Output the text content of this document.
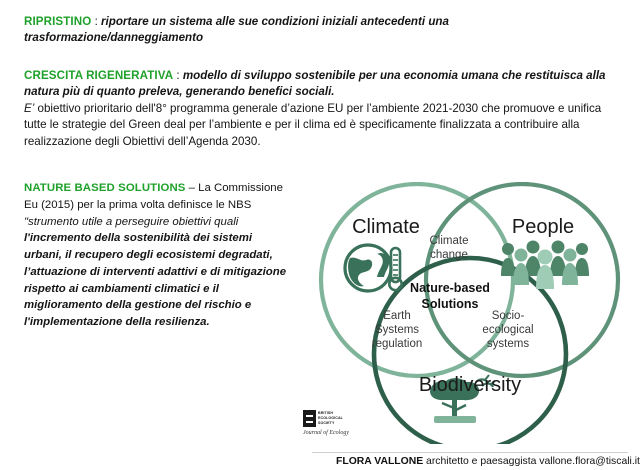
RIPRISTINO : riportare un sistema alle sue condizioni iniziali antecedenti una trasformazione/danneggiamento
CRESCITA RIGENERATIVA : modello di sviluppo sostenibile per una economia umana che restituisca alla natura più di quanto preleva, generando benefici sociali.
E’ obiettivo prioritario dell'8° programma generale d’azione EU per l’ambiente 2021-2030 che promuove e unifica tutte le strategie del Green deal per l’ambiente e per il clima ed è specificamente finalizzata a contribuire alla realizzazione degli Obiettivi dell’Agenda 2030.
NATURE BASED SOLUTIONS – La Commissione Eu (2015) per la prima volta definisce le NBS "strumento utile a perseguire obiettivi quali l'incremento della sostenibilità dei sistemi urbani, il recupero degli ecosistemi degradati, l’attuazione di interventi adattivi e di mitigazione rispetto ai cambiamenti climatici e il miglioramento della gestione del rischio e l'implementazione della resilienza.
Climate	People
Biodiversity
Climate
change
Earth
Systems
regulation
Socio-
ecological
systems
Nature-based
Solutions
BRITISH
ECOLOGICAL
SOCIETY
Journal of Ecology
FLORA VALLONE architetto e paesaggista vallone.flora@tiscali.it
